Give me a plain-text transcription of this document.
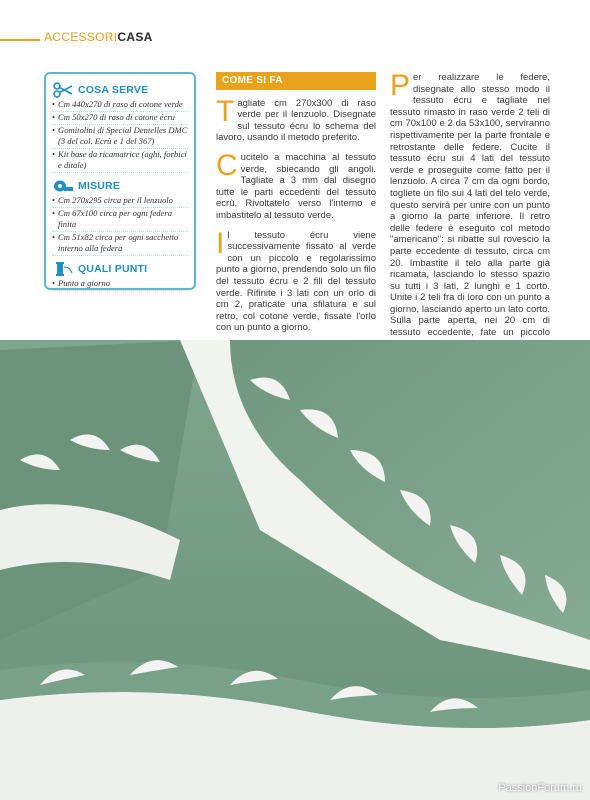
ACCESSORICASA
COSA SERVE
• Cm 440x270 di raso di cotone verde
• Cm 50x270 di raso di cotone écru
• Gomitolini di Special Dentelles DMC (3 del col. Ecrù e 1 del 367)
• Kit base da ricamatrice (aghi, forbici e ditale)
MISURE
• Cm 270x295 circa per il lenzuolo
• Cm 67x100 circa per ogni federa finita
• Cm 51x82 circa per ogni sacchetto interno alla federa
QUALI PUNTI
• Punto a giorno
COME SI FA

Tagliate cm 270x300 di raso verde per il lenzuolo. Disegnate sul tessuto écru lo schema del lavoro, usando il metodo preferito.

Cucitelo a macchina al tessuto verde, sbiecando gli angoli. Tagliate a 3 mm dal disegno tutte le parti eccedenti del tessuto ecrù. Rivoltatelo verso l'interno e imbastitelo al tessuto verde.

Il tessuto écru viene successivamente fissato al verde con un piccolo e regolarissimo punto a giorno, prendendo solo un filo del tessuto écru e 2 fili del tessuto verde. Rifinite i 3 lati con un orlo di cm 2, praticate una sfilatura e sul retro, col cotone verde, fissate l'orlo con un punto a giorno.

Per realizzare le federe, disegnate allo stesso modo il tessuto écru e tagliate nel tessuto rimasto in raso verde 2 teli di cm 70x100 e 2 da 53x100, serviranno rispettivamente per la parte frontale e retrostante delle federe. Cucite il tessuto écru sui 4 lati del tessuto verde e proseguite come fatto per il lenzuolo. A circa 7 cm da ogni bordo, togliete un filo sui 4 lati del telo verde, questo servirà per unire con un punto a giorno la parte inferiore. Il retro delle federe è eseguito col metodo "americano": si ribatte sul rovescio la parte eccedente di tessuto, circa cm 20. Imbastite il telo alla parte già ricamata, lasciando lo stesso spazio su tutti i 3 lati, 2 lunghi e 1 corto. Unite i 2 teli fra di loro con un punto a giorno, lasciando aperto un lato corto. Sulla parte aperta, nei 20 cm di tessuto eccedente, fate un piccolo

PassionForum.ru
